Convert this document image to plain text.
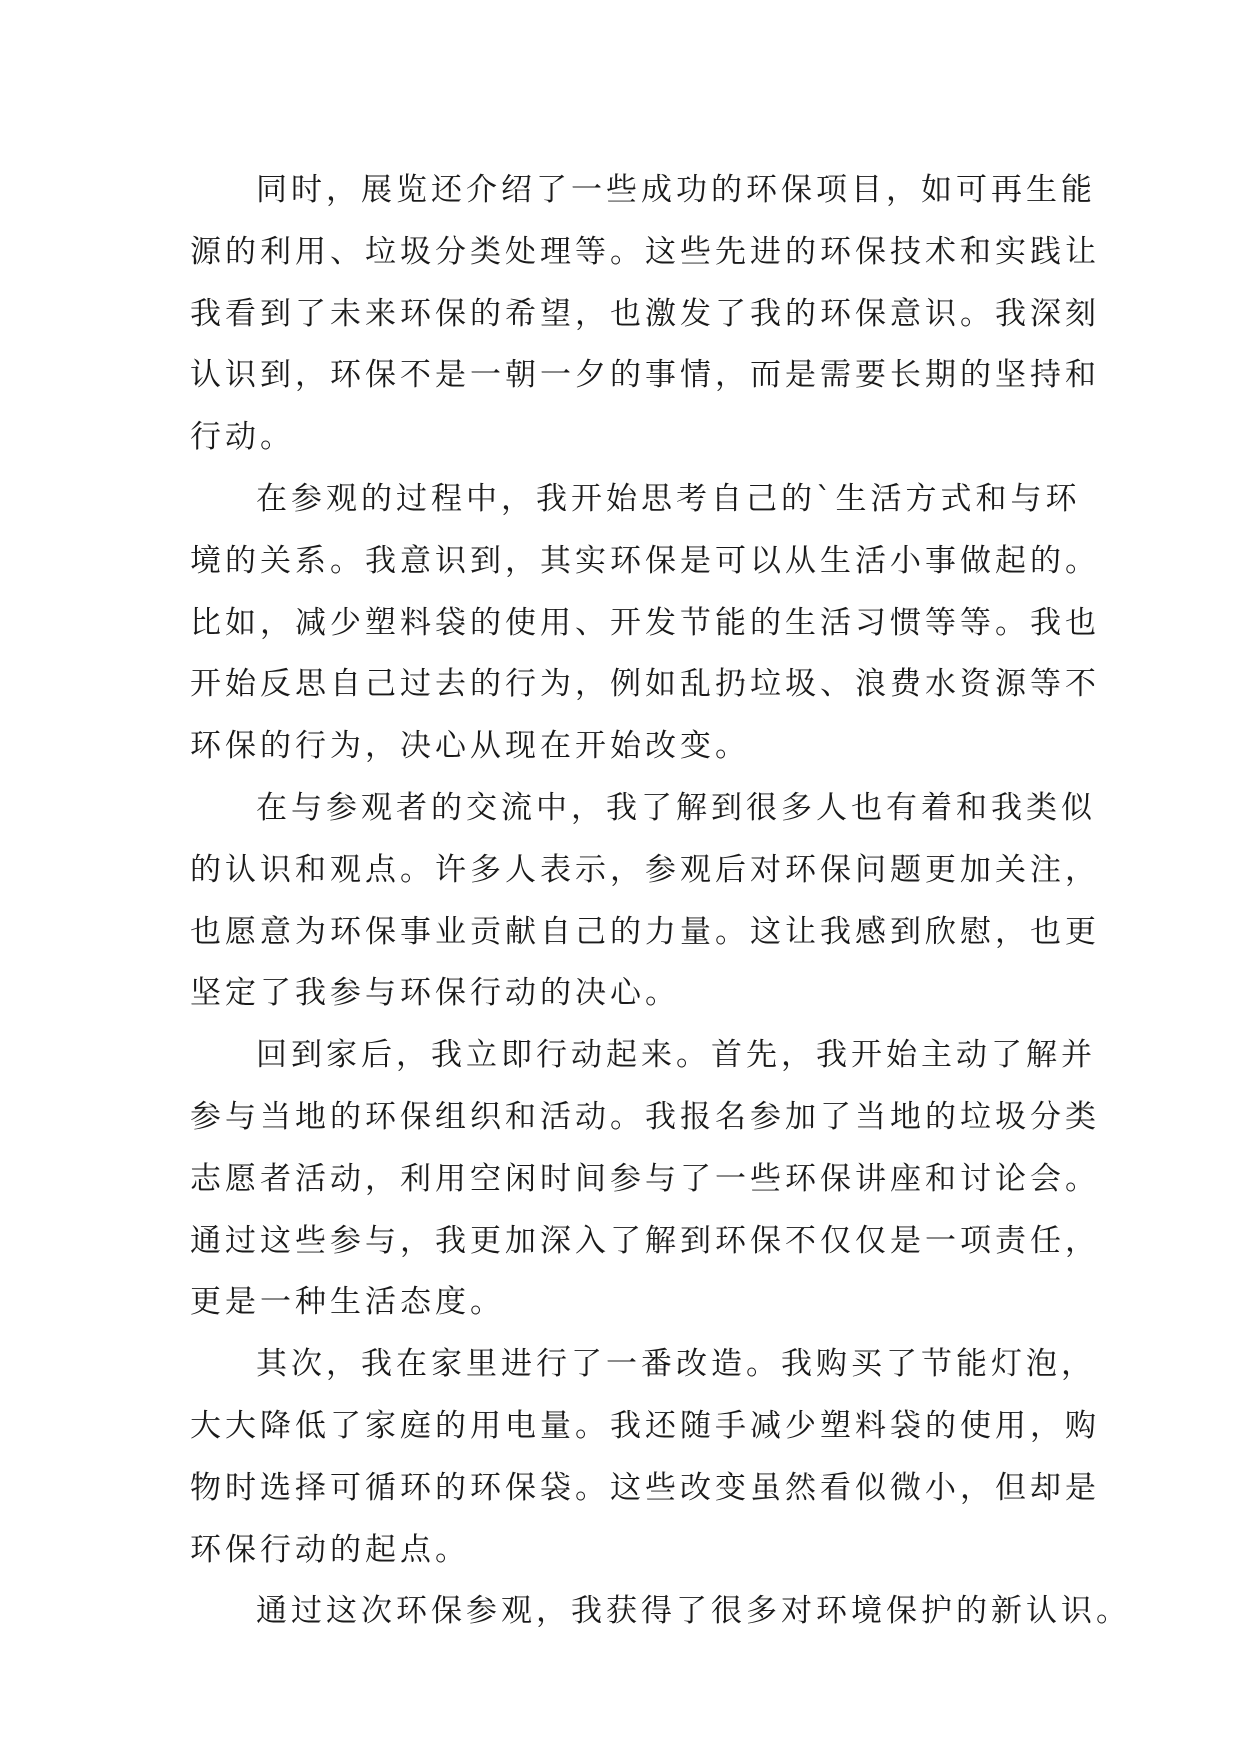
同时，展览还介绍了一些成功的环保项目，如可再生能
源的利用、垃圾分类处理等。这些先进的环保技术和实践让
我看到了未来环保的希望，也激发了我的环保意识。我深刻
认识到，环保不是一朝一夕的事情，而是需要长期的坚持和
行动。
在参观的过程中，我开始思考自己的`生活方式和与环
境的关系。我意识到，其实环保是可以从生活小事做起的。
比如，减少塑料袋的使用、开发节能的生活习惯等等。我也
开始反思自己过去的行为，例如乱扔垃圾、浪费水资源等不
环保的行为，决心从现在开始改变。
在与参观者的交流中，我了解到很多人也有着和我类似
的认识和观点。许多人表示，参观后对环保问题更加关注，
也愿意为环保事业贡献自己的力量。这让我感到欣慰，也更
坚定了我参与环保行动的决心。
回到家后，我立即行动起来。首先，我开始主动了解并
参与当地的环保组织和活动。我报名参加了当地的垃圾分类
志愿者活动，利用空闲时间参与了一些环保讲座和讨论会。
通过这些参与，我更加深入了解到环保不仅仅是一项责任，
更是一种生活态度。
其次，我在家里进行了一番改造。我购买了节能灯泡，
大大降低了家庭的用电量。我还随手减少塑料袋的使用，购
物时选择可循环的环保袋。这些改变虽然看似微小，但却是
环保行动的起点。
通过这次环保参观，我获得了很多对环境保护的新认识。
